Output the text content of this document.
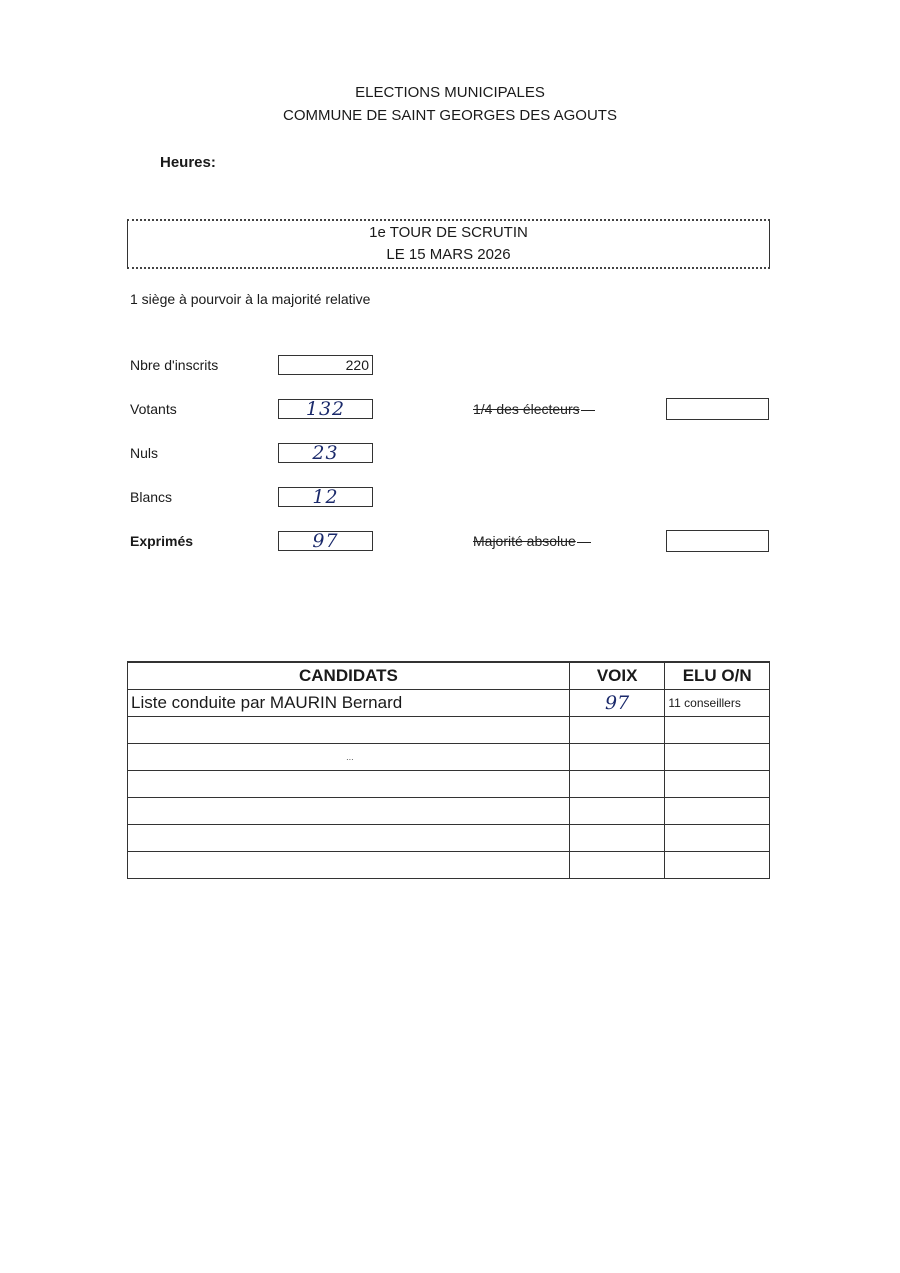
ELECTIONS MUNICIPALES
COMMUNE DE SAINT GEORGES DES AGOUTS
Heures:
1e TOUR DE SCRUTIN
LE 15 MARS 2026
1 siège à pourvoir à la majorité relative
Nbre d'inscrits	220
Votants	132	1/4 des électeurs
Nuls	23
Blancs	12
Exprimés	97	Majorité absolue
CANDIDATS	VOIX	ELU O/N
Liste conduite par MAURIN Bernard	97	11 conseillers

...		
